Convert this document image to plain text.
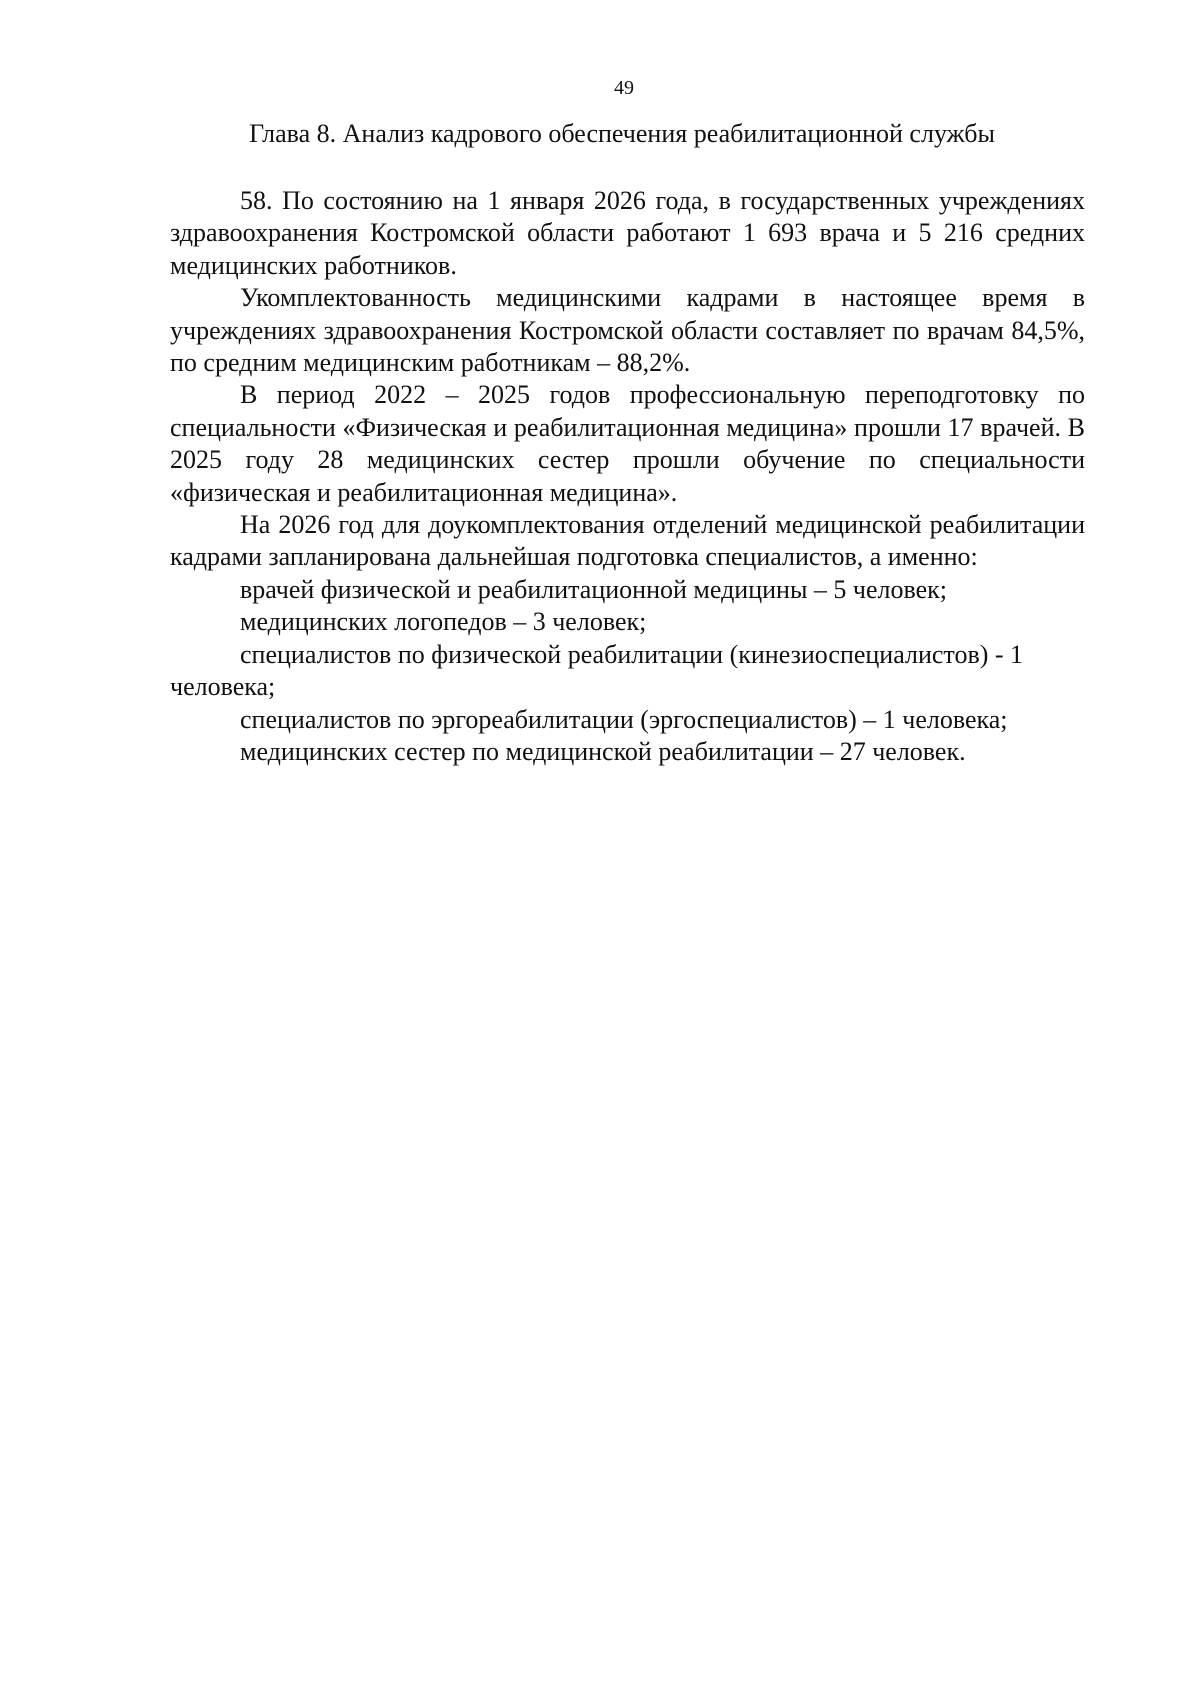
49
Глава 8. Анализ кадрового обеспечения реабилитационной службы

58. По состоянию на 1 января 2026 года, в государственных учреждениях здравоохранения Костромской области работают 1 693 врача и 5 216 средних медицинских работников.

Укомплектованность медицинскими кадрами в настоящее время в учреждениях здравоохранения Костромской области составляет по врачам 84,5%, по средним медицинским работникам – 88,2%.

В период 2022 – 2025 годов профессиональную переподготовку по специальности «Физическая и реабилитационная медицина» прошли 17 врачей. В 2025 году 28 медицинских сестер прошли обучение по специальности «физическая и реабилитационная медицина».

На 2026 год для доукомплектования отделений медицинской реабилитации кадрами запланирована дальнейшая подготовка специалистов, а именно:

врачей физической и реабилитационной медицины – 5 человек;
медицинских логопедов – 3 человек;
специалистов по физической реабилитации (кинезиоспециалистов) - 1 человека;
специалистов по эргореабилитации (эргоспециалистов) – 1 человека;
медицинских сестер по медицинской реабилитации – 27 человек.
